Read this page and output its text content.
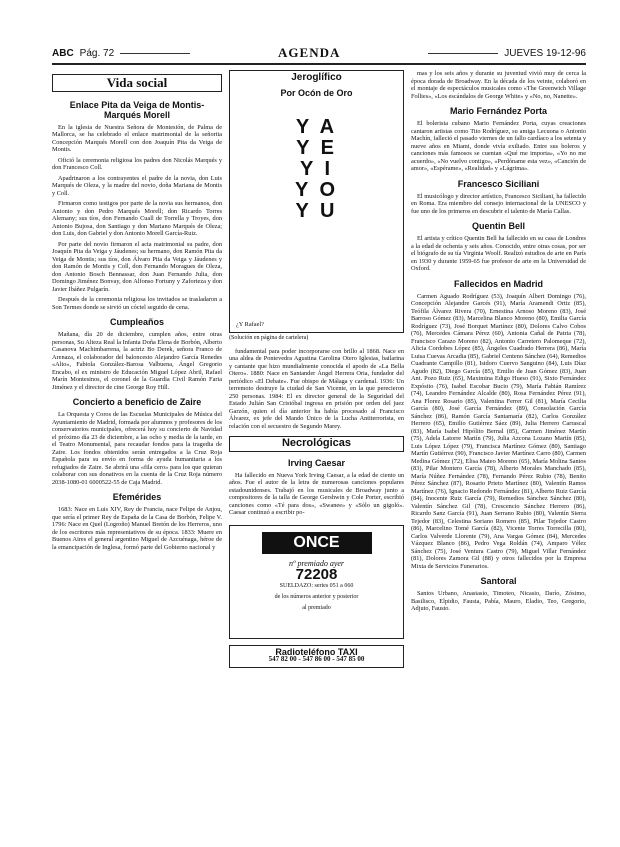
ABC Pág. 72	AGENDA	JUEVES 19-12-96
Vida social
Enlace Pita da Veiga de Montis-Marqués Morell

En la iglesia de Nuestra Señora de Montesión, de Palma de Mallorca, se ha celebrado el enlace matrimonial de la señorita Concepción Marqués Morell con don Joaquín Pita da Veiga de Montis.

Ofició la ceremonia religiosa los padres don Nicolás Marqués y don Francesco Coll.

Apadrinaron a los contrayentes el padre de la novia, don Luis Marqués de Oleza, y la madre del novio, doña Mariana de Montis y Coll.

Firmaron como testigos por parte de la novia sus hermanos, don Antonio y don Pedro Marqués Morell; don Ricardo Torres Alemany; sus tíos, don Fernando Cuall de Torrella y Troyes, don Antonio Bujosa, don Santiago y don Mariano Marqués de Oleza; don Luis, don Gabriel y don Antonio Morell García-Ruiz.

Por parte del novio firmaron el acta matrimonial su padre, don Joaquín Pita da Veiga y Jáudenes; su hermano, don Ramón Pita da Veiga de Montis; sus tíos, don Álvaro Pita da Veiga y Jáudenes y don Ramón de Montis y Coll, don Fernando Moragues de Oleza, don Antonio Bosch Bennassar, don Juan Fernando Julia, don Domingo Jiménez Bonvay, don Alfonso Fortuny y Zaforteza y don Javier Ibáñez Pulgarín.

Después de la ceremonia religiosa los invitados se trasladaron a Son Termes donde se sirvió un cóctel seguido de cena.

Cumpleaños

Mañana, día 20 de diciembre, cumplen años, entre otras personas, Su Alteza Real la Infanta Doña Elena de Borbón, Alberto Casanova Machimbarrena, la actriz Bo Derek, señora Franco de Arenaza, el colaborador del baloncesto Alejandro García Renedes «Alto», Fabiola González-Barosa Valbuena, Ángel Gregorio Encabo, el ex ministro de Educación Miguel López Abril, Rafael Marín Montesinos, el coronel de la Guardia Civil Ramón Faria Jiménez y el director de cine George Roy Hill.

Concierto a beneficio de Zaire

La Orquesta y Coros de las Escuelas Municipales de Música del Ayuntamiento de Madrid, formada por alumnos y profesores de los conservatorios municipales, ofrecerá hoy su concierto de Navidad el próximo día 23 de diciembre, a las ocho y media de la tarde, en el Teatro Monumental, para recaudar fondos para la tragedia de Zaire. Los fondos obtenidos serán entregados a la Cruz Roja Española para su envío en forma de ayuda humanitaria a los refugiados de Zaire. Se abrirá una «fila cero» para los que quieran colaborar con sus donativos en la cuenta de la Cruz Roja número 2038-1080-01 6000522-55 de Caja Madrid.

Efemérides

1683: Nace en Luis XIV, Rey de Francia, nace Felipe de Anjou, que sería el primer Rey de España de la Casa de Borbón, Felipe V. 1796: Nace en Quel (Logroño) Manuel Bretón de los Herreros, uno de los escritores más representativos de su época. 1833: Muere en Buenos Aires el general argentino Miguel de Azcuénaga, héroe de la emancipación de Inglesa, formó parte del Gobierno nacional y

Jeroglífico
Por Ocón de Oro
Y A
Y E
Y I
Y O
Y U
¿Y Rafael?
(Solución en página de cartelera)

fundamental para poder incorporarse con brillo al 1868. Nace en una aldea de Pontevedra Agustina Carolina Otero Iglesias, bailarina y cantante que hizo mundialmente conocida el apodo de «La Bella Otero». 1880: Nace en Santander Ángel Herrera Oria, fundador del periódico «El Debate». Fue obispo de Málaga y cardenal. 1936: Un terremoto destruye la ciudad de San Vicente, en la que perecieron 250 personas. 1984: El ex director general de la Seguridad del Estado Julián San Cristóbal ingresa en prisión por orden del juez Garzón, quien el día anterior ha había procesado al Francisco Álvarez, ex jefe del Mando Único de la Lucha Antiterrorista, en relación con el secuestro de Segundo Marey.

Necrológicas
Irving Caesar

Ha fallecido en Nueva York Irving Caesar, a la edad de ciento un años. Fue el autor de la letra de numerosas canciones populares estadounidenses. Trabajó en los musicales de Broadway junto a compositores de la talla de George Gershwin y Cole Porter, escribió canciones como «Té para dos», «Swanee» y «Sólo un gigoló». Caesar continuó a escribir po-

ONCE
nº premiado ayer
72208
SUELDAZO: series 051 a 060
de los números anterior y posterior
al premiado
Radioteléfono TAXI
547 82 00 - 547 86 00 - 547 85 00

mas y los seis años y durante su juventud vivió muy de cerca la época dorada de Broadway. En la década de los veinte, colaboró en el montaje de espectáculos musicales como «The Greenwich Village Follies», «Los escándalos de George White» y «No, no, Nanette».

Mario Fernández Porta

El bolerista cubano Mario Fernández Porta, cuyas creaciones cantaron artistas como Tito Rodríguez, su amiga Lecuona o Antonio Machín, falleció el pasado viernes de un fallo cardíaco a los setenta y nueve años en Miami, donde vivía exiliado. Entre sus boleros y canciones más famosos se cuentan «Qué me importa», «Yo no me acuerdo», «No vuelvo contigo», «Perdóname esta vez», «Canción de amor», «Espérame», «Realidad» y «Lágrima».

Francesco Siciliani

El musicólogo y director artístico, Francesco Siciliani, ha fallecido en Roma. Era miembro del consejo internacional de la UNESCO y fue uno de los primeros en descubrir el talento de María Callas.

Quentin Bell

El artista y crítico Quentin Bell ha fallecido en su casa de Londres a la edad de ochenta y seis años. Conocido, entre otras cosas, por ser el biógrafo de su tía Virginia Woolf. Realizó estudios de arte en París en 1930 y durante 1959-65 fue profesor de arte en la Universidad de Oxford.

Fallecidos en Madrid

Carmen Aguado Rodríguez (53), Joaquín Albert Domingo (76), Concepción Alejandre Garcés (91), María Aramendi Ortiz (85), Teófila Álvarez Rivera (70), Ernestina Arnoso Moreno (83), José Barroso Gómez (83), Marcelina Blanco Moreno (80), Emilia García Rodríguez (73), José Borquet Martínez (80), Dolores Calvo Cobos (76), Mercedes Cámara Pérez (60), Antonia Cañal de Patria (78), Francisco Carazo Moreno (82), Antonio Carretero Palomeque (72), Alicia Cordobes López (85), Ángeles Cuadrado Herrera (86), María Luisa Cuevas Arcadia (85), Gabriel Centeno Sánchez (64), Remedios Cuadrante Campillo (81), Isidoro Cuervo Sanguino (84), Luis Díaz Agudo (82), Diego García (85), Emilio de Juan Gómez (83), Juan Ant. Pozo Ruiz (65), Maximina Edigo Hueso (91), Sixto Fernández Expósito (76), Isabel Escobar Bucio (79), María Fabián Ramírez (74), Leandro Fernández Alcalde (80), Rosa Fernández Pérez (91), Ana Florez Rosario (85), Valentina Ferrer Gil (81), María Cecilia García (80), José García Fernández (89), Consolación García Sánchez (86), Ramón García Santamaría (82), Carlos González Herrero (65), Emilio Gutiérrez Sáez (89), Julia Herrero Carrascal (83), María Isabel Hipólito Bernal (85), Carmen Jiménez Martín (75), Adela Latorre Martín (79), Julia Azcona Lozano Martín (85), Luis López López (79), Francisca Martínez Gómez (80), Santiago Martín Gutiérrez (90), Francisco Javier Martínez Carro (80), Carmen Medina Gómez (72), Elisa Mateo Moreno (65), María Molina Santos (83), Pilar Montero García (78), Alberto Morales Manchado (85), María Núñez Fernández (78), Fernando Pérez Rubio (78), Benito Pérez Sánchez (87), Rosario Prieto Martínez (80), Valentín Ramos Martínez (76), Ignacio Redondo Fernández (81), Alberto Ruiz García (84), Inocente Ruiz García (79), Remedios Sánchez Sánchez (80), Valentín Sánchez Gil (78), Crescencio Sánchez Herrero (86), Ricardo Sanz García (91), Juan Serrano Rubio (80), Valentín Sierra Tejedor (83), Celestina Soriano Romero (85), Pilar Tejedor Castro (86), Marcelino Tomé García (82), Vicente Torres Torrecilla (80), Carlos Valverde Llorente (79), Ana Vargas Gómez (84), Mercedes Vázquez Blanco (86), Pedro Vega Roldán (74), Amparo Vélez Sánchez (75), José Ventura Castro (79), Miguel Villar Fernández (81), Dolores Zamora Gil (88) y otros fallecidos por la Empresa Mixta de Servicios Funerarios.

Santoral

Santos Urbano, Anastasio, Timoteo, Nicasio, Darío, Zósimo, Basilisco, Elpidio, Fausta, Pabía, Mauro, Eladio, Teo, Gregorio, Adjuto, Fausto.
